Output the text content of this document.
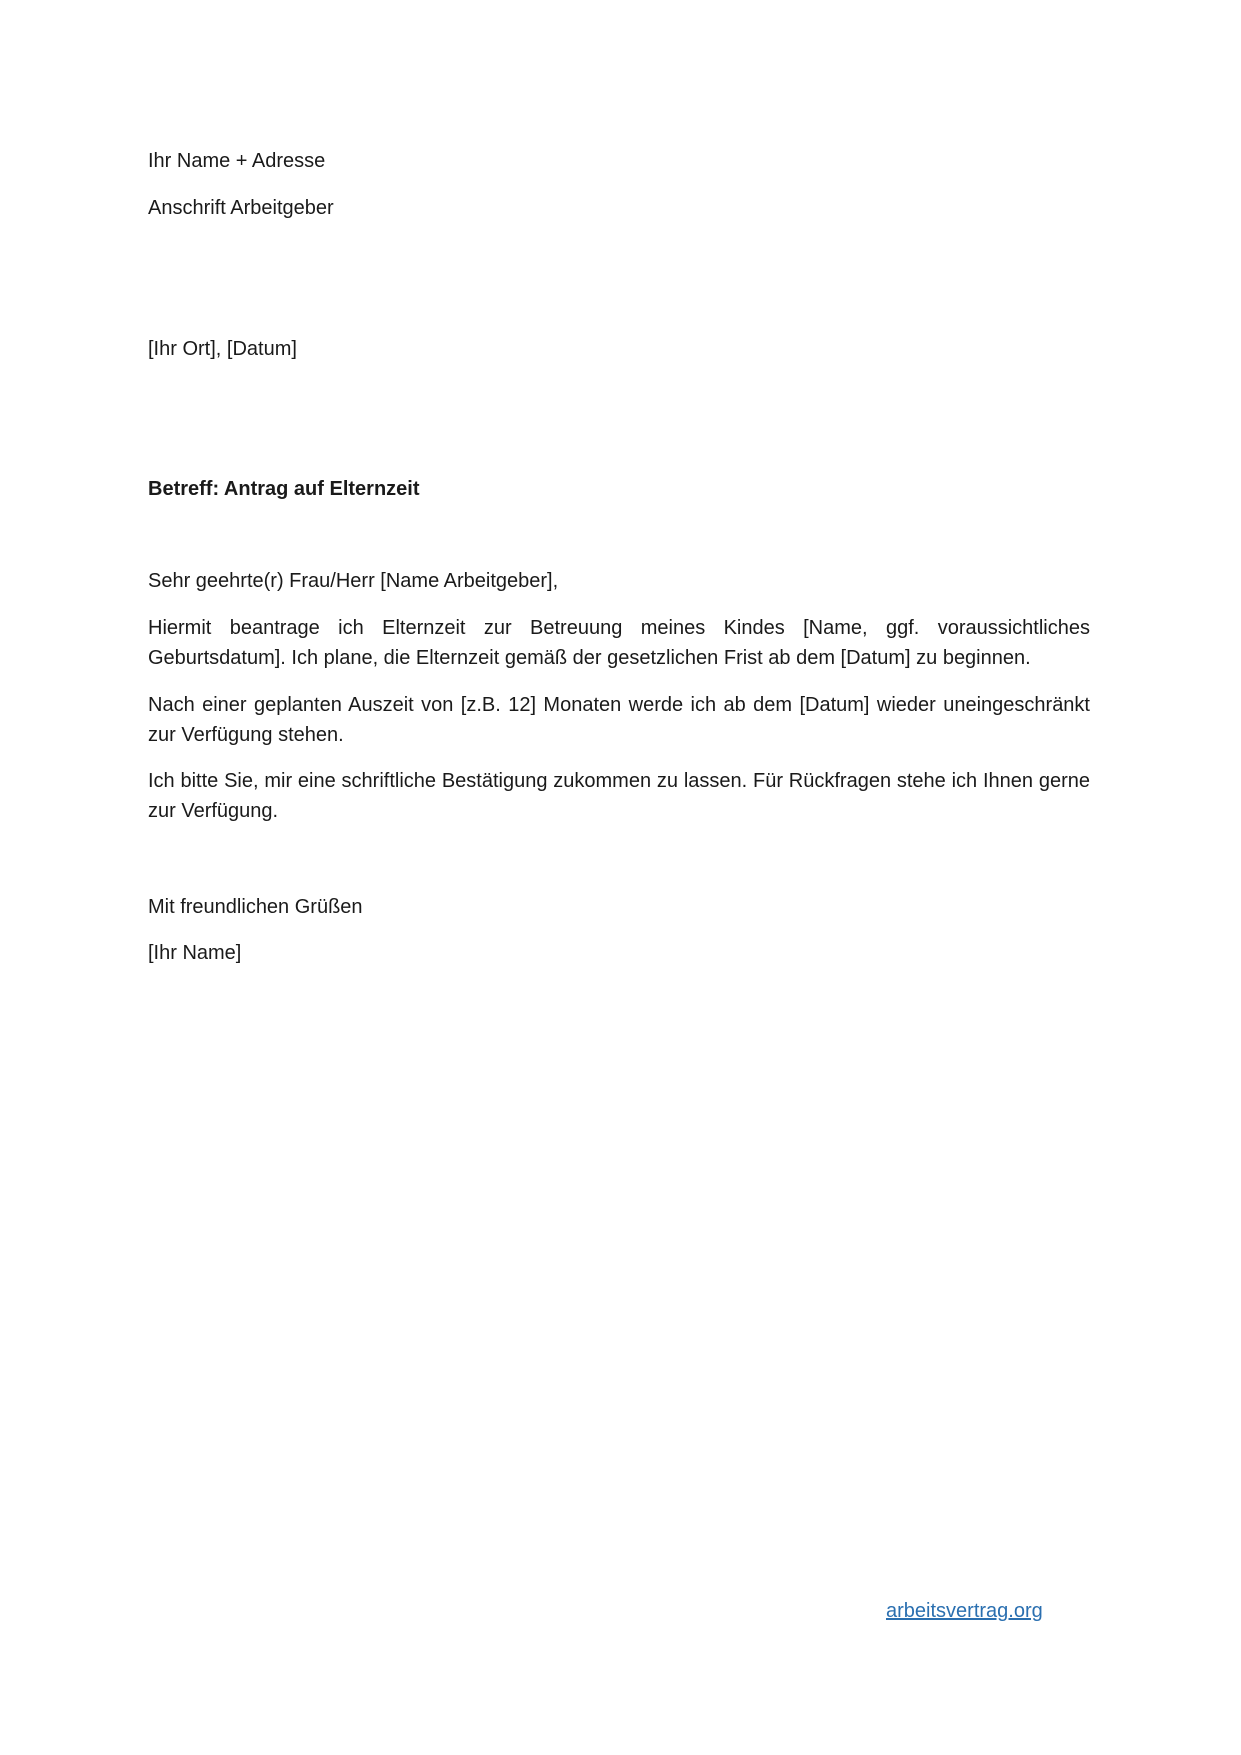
Ihr Name + Adresse
Anschrift Arbeitgeber
[Ihr Ort], [Datum]
Betreff: Antrag auf Elternzeit
Sehr geehrte(r) Frau/Herr [Name Arbeitgeber],
Hiermit beantrage ich Elternzeit zur Betreuung meines Kindes [Name, ggf. voraussichtliches Geburtsdatum]. Ich plane, die Elternzeit gemäß der gesetzlichen Frist ab dem [Datum] zu beginnen.
Nach einer geplanten Auszeit von [z.B. 12] Monaten werde ich ab dem [Datum] wieder uneingeschränkt zur Verfügung stehen.
Ich bitte Sie, mir eine schriftliche Bestätigung zukommen zu lassen. Für Rückfragen stehe ich Ihnen gerne zur Verfügung.
Mit freundlichen Grüßen
[Ihr Name]
arbeitsvertrag.org
